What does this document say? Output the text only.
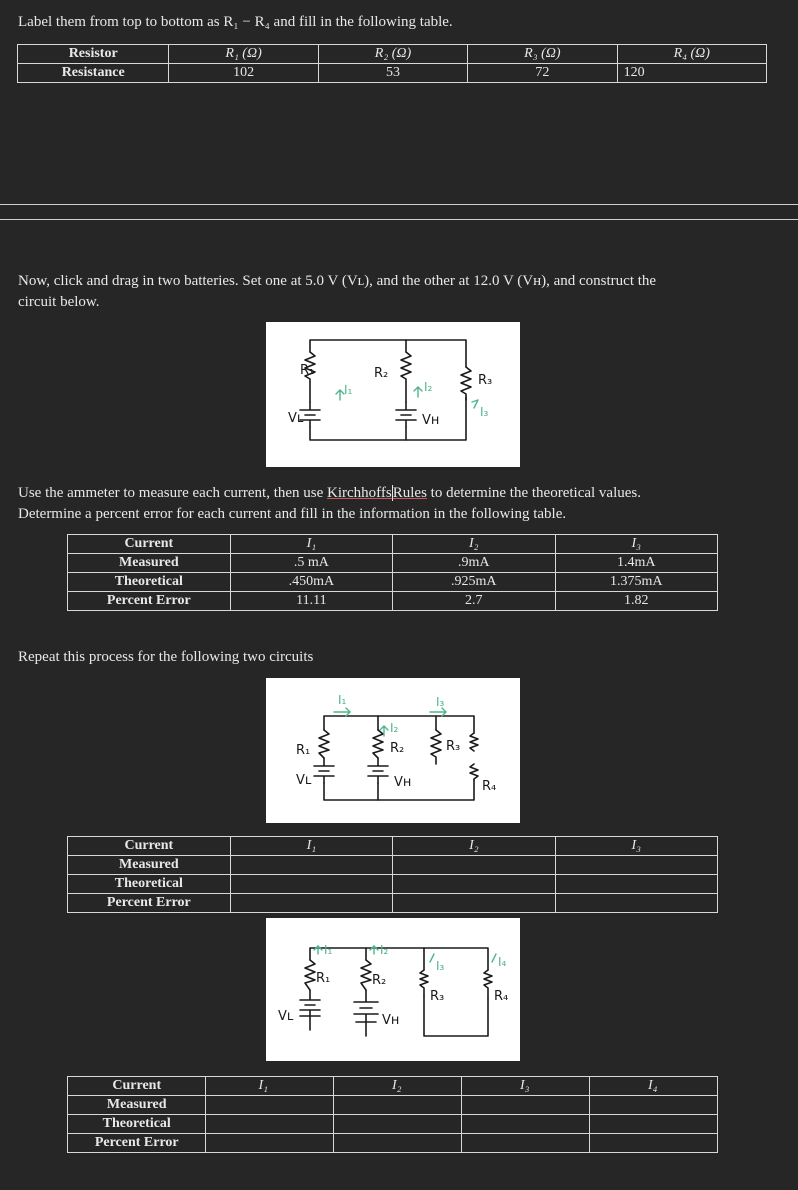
Label them from top to bottom as R₁ − R₄ and fill in the following table.

Resistor	R₁ (Ω)	R₂ (Ω)	R₃ (Ω)	R₄ (Ω)
Resistance	102	53	72	120

Now, click and drag in two batteries. Set one at 5.0 V (Vʟ), and the other at 12.0 V (Vʜ), and construct the
circuit below.

R₁	R₂	R₃
I₁	I₂
I₃
Vʟ	Vʜ

Use the ammeter to measure each current, then use KirchhoffsRules to determine the theoretical values.
Determine a percent error for each current and fill in the information in the following table.

Current	I₁	I₂	I₃
Measured	.5 mA	.9mA	1.4mA
Theoretical	.450mA	.925mA	1.375mA
Percent Error	11.11	2.7	1.82

Repeat this process for the following two circuits

I₁
I₂
I₃
R₁	R₂	R₃
R₄
Vʟ	Vʜ
Current	I₁	I₂	I₃
Measured			
Theoretical			
Percent Error			
I₁	I₂
I₃	I₄
R₁	R₂
R₃	R₄
Vʟ	Vʜ
Current	I₁	I₂	I₃	I₄
Measured				
Theoretical				
Percent Error				
